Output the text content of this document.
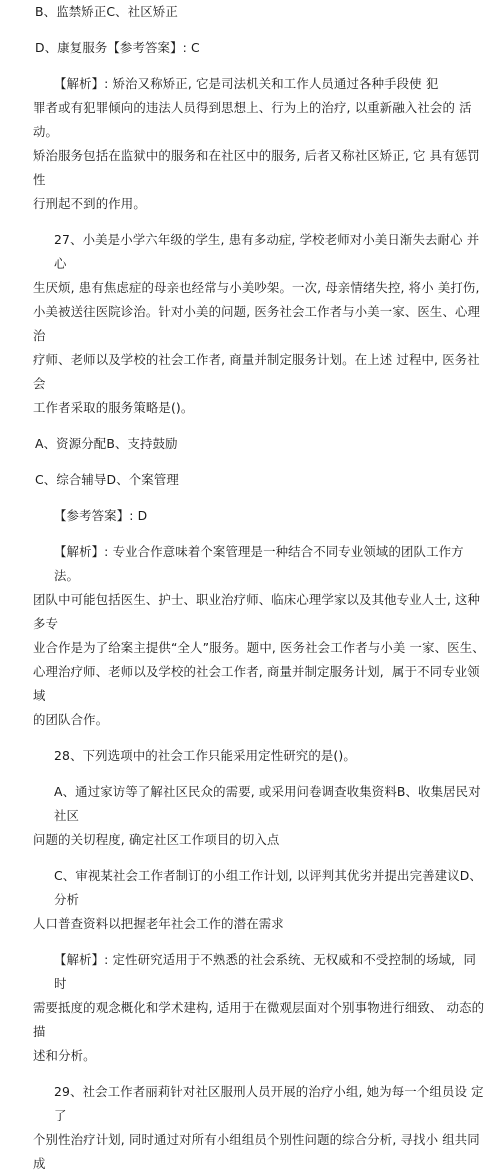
B、监禁矫正C、社区矫正

D、康复服务【参考答案】: C

【解析】: 矫治又称矫正, 它是司法机关和工作人员通过各种手段使 犯

罪者或有犯罪倾向的违法人员得到思想上、行为上的治疗, 以重新融入社会的 活动。

矫治服务包括在监狱中的服务和在社区中的服务, 后者又称社区矫正, 它 具有惩罚性

行刑起不到的作用。

27、小美是小学六年级的学生, 患有多动症, 学校老师对小美日渐失去耐心 并心

生厌烦, 患有焦虑症的母亲也经常与小美吵架。一次, 母亲情绪失控, 将小 美打伤,

小美被送往医院诊治。针对小美的问题, 医务社会工作者与小美一家、医生、心理治

疗师、老师以及学校的社会工作者, 商量并制定服务计划。在上述 过程中, 医务社会

工作者采取的服务策略是()。

A、资源分配B、支持鼓励

C、综合辅导D、个案管理

【参考答案】: D

【解析】: 专业合作意味着个案管理是一种结合不同专业领域的团队工作方 法。

团队中可能包括医生、护士、职业治疗师、临床心理学家以及其他专业人士, 这种多专

业合作是为了给案主提供“全人”服务。题中, 医务社会工作者与小美 一家、医生、

心理治疗师、老师以及学校的社会工作者, 商量并制定服务计划,  属于不同专业领域

的团队合作。

28、下列选项中的社会工作只能采用定性研究的是()。

A、通过家访等了解社区民众的需要, 或采用问卷调查收集资料B、收集居民对社区

问题的关切程度, 确定社区工作项目的切入点

C、审视某社会工作者制订的小组工作计划, 以评判其优劣并提出完善建议D、分析

人口普查资料以把握老年社会工作的潜在需求

【解析】: 定性研究适用于不熟悉的社会系统、无权威和不受控制的场域,  同时

需要抵度的观念概化和学术建构, 适用于在微观层面对个别事物进行细致、 动态的描

述和分析。

29、社会工作者丽莉针对社区服刑人员开展的治疗小组, 她为每一个组员设 定了

个别性治疗计划, 同时通过对所有小组组员个别性问题的综合分析, 寻找小 组共同成
